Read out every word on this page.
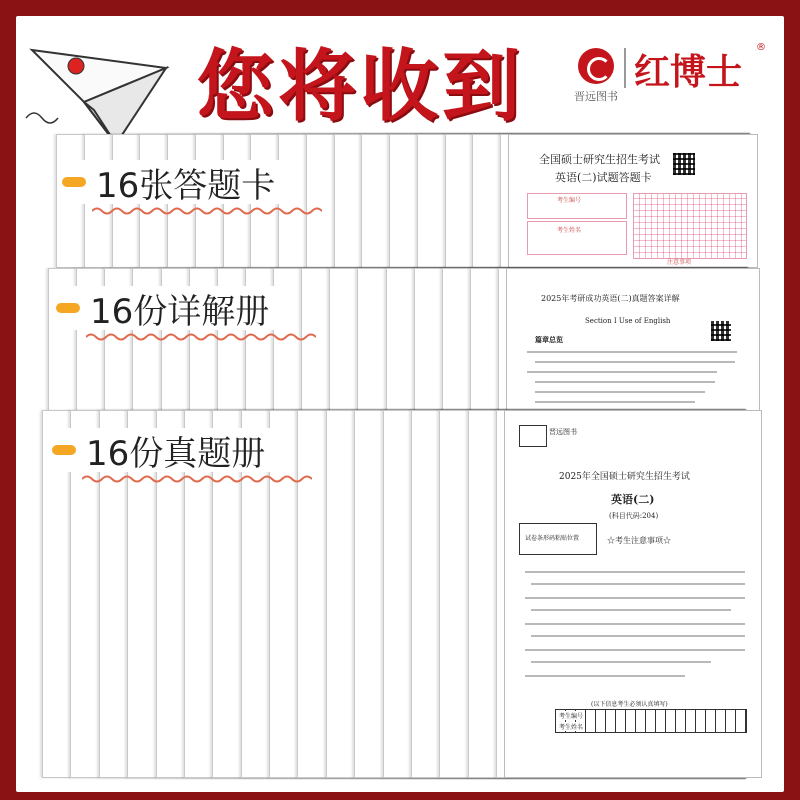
您将收到	晋远图书
红博士
®
全国硕士研究生招生考试
英语(二)试题答题卡
考生编号
考生姓名
注意事项
16张答题卡
2025年考研成功英语(二)真题答案详解
Section I Use of English
篇章总览
16份详解册
晋远图书
2025年全国硕士研究生招生考试
英语(二)
(科目代码:204)
试卷条形码粘贴位置	☆考生注意事项☆
(以下信息考生必须认真填写)
考生编号
考生姓名
16份真题册
